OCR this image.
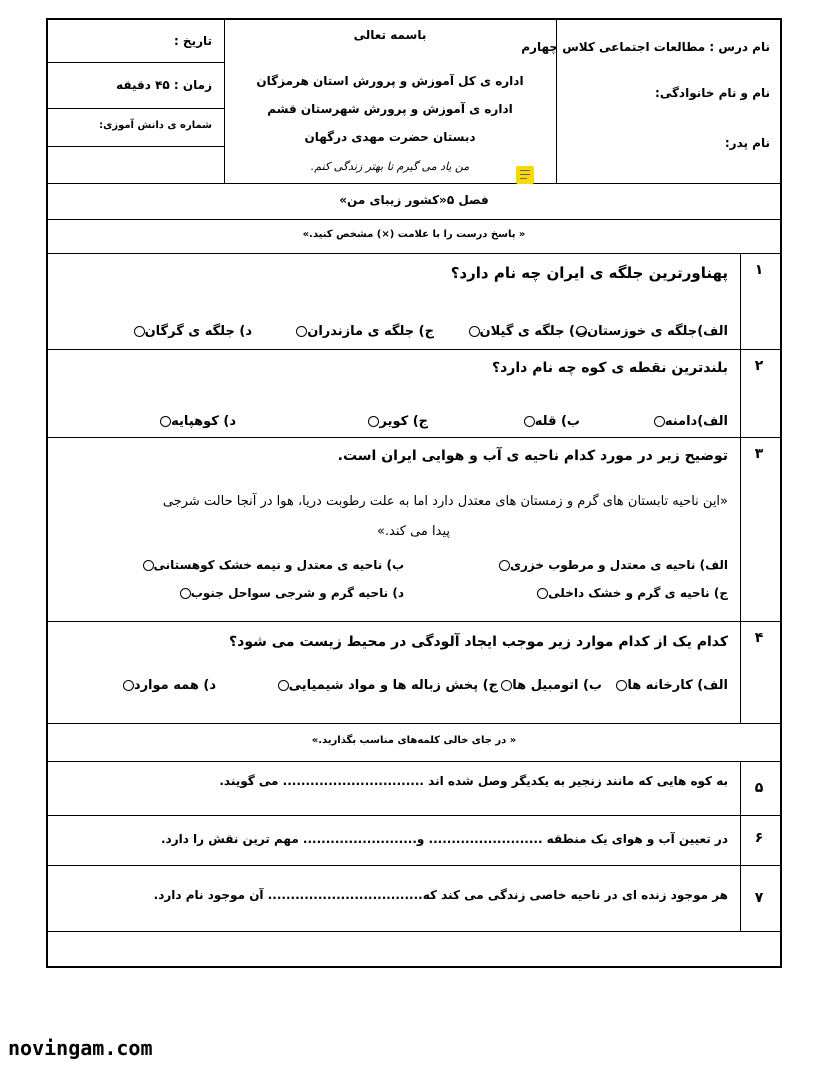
نام درس : مطالعات اجتماعی کلاس چهارم
نام و نام خانوادگی:
نام پدر:
باسمه تعالی
اداره ی کل آموزش و پرورش استان هرمزگان
اداره ی آموزش و پرورش شهرستان قشم
دبستان حضرت مهدی درگهان
من یاد می گیرم تا بهتر زندگی کنم.
تاریخ :
زمان : ۴۵ دقیقه
شماره ی دانش آموزی:
فصل ۵«کشور زیبای من»
« پاسخ درست را با علامت (×) مشخص کنید.»
۱
پهناورترین جلگه ی ایران چه نام دارد؟
الف)جلگه ی خوزستان
ب) جلگه ی گیلان
ج) جلگه ی مازندران
د) جلگه ی گرگان
۲
بلندترین نقطه ی کوه چه نام دارد؟
الف)دامنه
ب) قله
ج) کویر
د) کوهپایه
۳
توضیح زیر در مورد کدام ناحیه ی آب و هوایی ایران است.
«این ناحیه تابستان های گرم و زمستان های معتدل دارد اما به علت رطوبت دریا، هوا در آنجا حالت شرجی
پیدا می کند.»
الف) ناحیه ی معتدل و مرطوب خزری
ب) ناحیه ی معتدل و نیمه خشک کوهستانی
ج) ناحیه ی گرم و خشک داخلی
د) ناحیه گرم و شرجی سواحل جنوب
۴
کدام یک از کدام موارد زیر موجب ایجاد آلودگی در محیط زیست می شود؟
الف) کارخانه ها
ب) اتومبیل ها
ج) پخش زباله ها و مواد شیمیایی
د) همه موارد
« در جای خالی کلمه‌های مناسب بگذارید.»
۵
به کوه هایی که مانند زنجیر به یکدیگر وصل شده اند ............................... می گویند.
۶
در تعیین آب و هوای یک منطقه ......................... و......................... مهم ترین نقش را دارد.
۷
هر موجود زنده ای در ناحیه خاصی زندگی می کند که.................................. آن موجود نام دارد.
novingam.com
